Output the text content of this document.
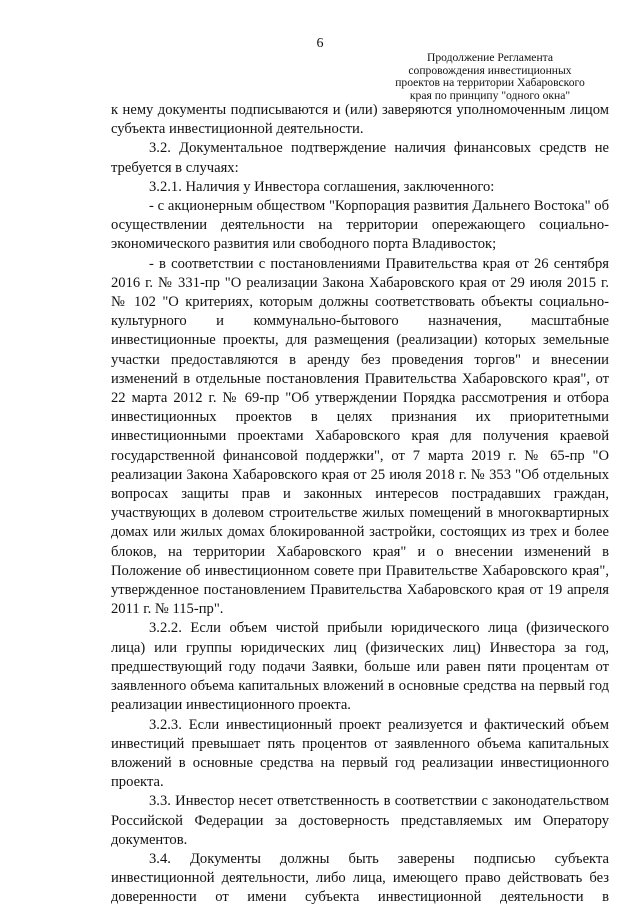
6
Продолжение Регламента
сопровождения инвестиционных
проектов на территории Хабаровского
края по принципу "одного окна"

к нему документы подписываются и (или) заверяются уполномоченным лицом субъекта инвестиционной деятельности.

3.2. Документальное подтверждение наличия финансовых средств не требуется в случаях:

3.2.1. Наличия у Инвестора соглашения, заключенного:

- с акционерным обществом "Корпорация развития Дальнего Востока" об осуществлении деятельности на территории опережающего социально-экономического развития или свободного порта Владивосток;

- в соответствии с постановлениями Правительства края от 26 сентября 2016 г. № 331-пр "О реализации Закона Хабаровского края от 29 июля 2015 г. № 102 "О критериях, которым должны соответствовать объекты социально-культурного и коммунально-бытового назначения, масштабные инвестиционные проекты, для размещения (реализации) которых земельные участки предоставляются в аренду без проведения торгов" и внесении изменений в отдельные постановления Правительства Хабаровского края", от 22 марта 2012 г. № 69-пр "Об утверждении Порядка рассмотрения и отбора инвестиционных проектов в целях признания их приоритетными инвестиционными проектами Хабаровского края для получения краевой государственной финансовой поддержки", от 7 марта 2019 г. № 65-пр "О реализации Закона Хабаровского края от 25 июля 2018 г. № 353 "Об отдельных вопросах защиты прав и законных интересов пострадавших граждан, участвующих в долевом строительстве жилых помещений в многоквартирных домах или жилых домах блокированной застройки, состоящих из трех и более блоков, на территории Хабаровского края" и о внесении изменений в Положение об инвестиционном совете при Правительстве Хабаровского края", утвержденное постановлением Правительства Хабаровского края от 19 апреля 2011 г. № 115-пр".

3.2.2. Если объем чистой прибыли юридического лица (физического лица) или группы юридических лиц (физических лиц) Инвестора за год, предшествующий году подачи Заявки, больше или равен пяти процентам от заявленного объема капитальных вложений в основные средства на первый год реализации инвестиционного проекта.

3.2.3. Если инвестиционный проект реализуется и фактический объем инвестиций превышает пять процентов от заявленного объема капитальных вложений в основные средства на первый год реализации инвестиционного проекта.

3.3. Инвестор несет ответственность в соответствии с законодательством Российской Федерации за достоверность представляемых им Оператору документов.

3.4. Документы должны быть заверены подписью субъекта инвестиционной деятельности, либо лица, имеющего право действовать без доверенности от имени субъекта инвестиционной деятельности в
